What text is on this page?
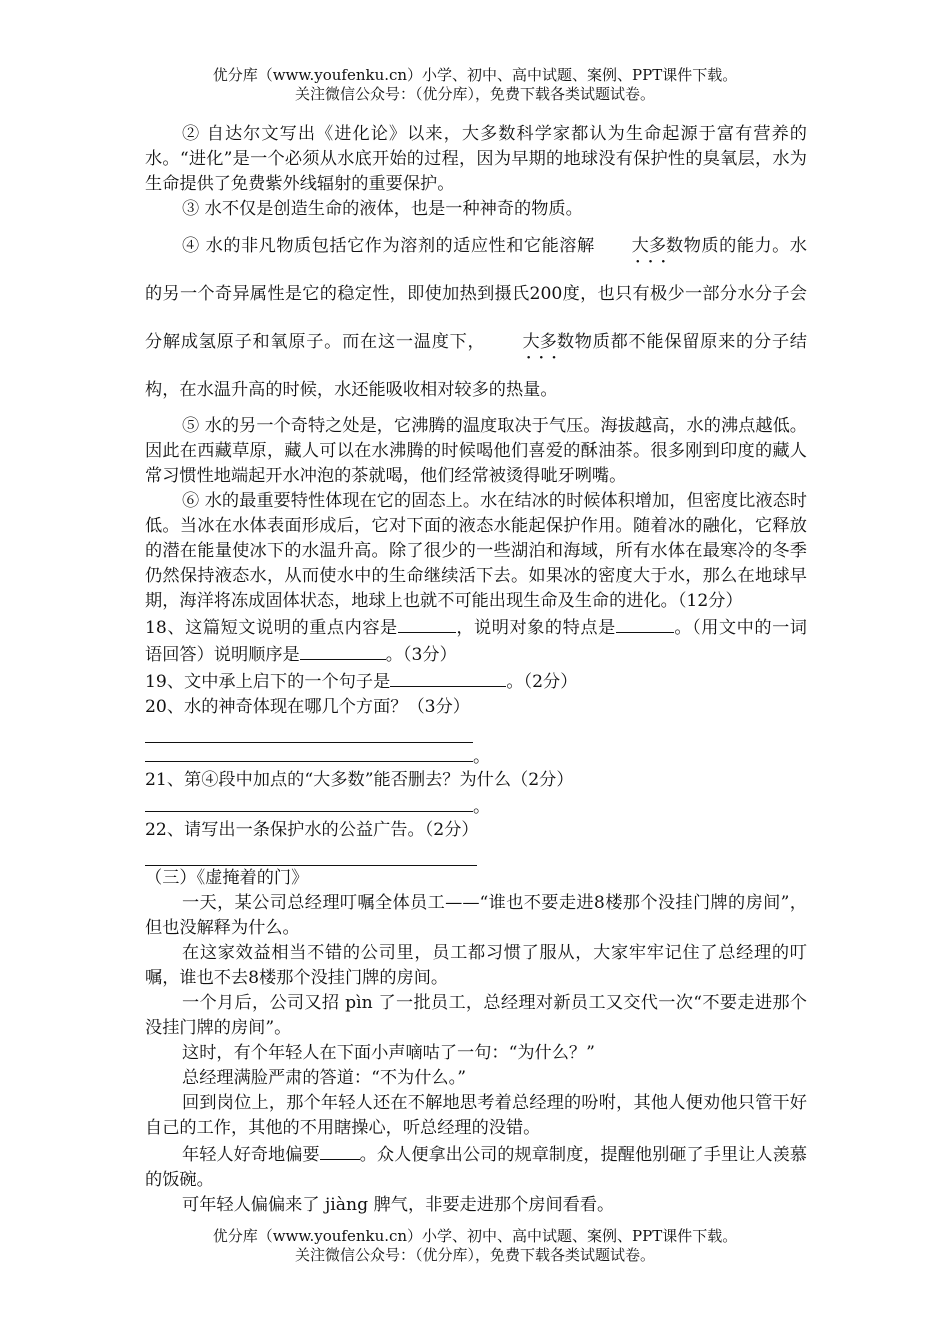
优分库（www.youfenku.cn）小学、初中、高中试题、案例、PPT课件下载。
关注微信公众号：（优分库），免费下载各类试题试卷。

② 自达尔文写出《进化论》以来，大多数科学家都认为生命起源于富有营养的水。“进化”是一个必须从水底开始的过程，因为早期的地球没有保护性的臭氧层，水为生命提供了免费紫外线辐射的重要保护。

③ 水不仅是创造生命的液体，也是一种神奇的物质。

④ 水的非凡物质包括它作为溶剂的适应性和它能溶解 大多数 · · ·物质的能力。水的另一个奇异属性是它的稳定性，即使加热到摄氏200度，也只有极少一部分水分子会分解成氢原子和氧原子。而在这一温度下， 大多数 · · ·物质都不能保留原来的分子结构，在水温升高的时候，水还能吸收相对较多的热量。

⑤ 水的另一个奇特之处是，它沸腾的温度取决于气压。海拔越高，水的沸点越低。因此在西藏草原，藏人可以在水沸腾的时候喝他们喜爱的酥油茶。很多刚到印度的藏人常习惯性地端起开水冲泡的茶就喝，他们经常被烫得呲牙咧嘴。

⑥ 水的最重要特性体现在它的固态上。水在结冰的时候体积增加，但密度比液态时低。当冰在水体表面形成后，它对下面的液态水能起保护作用。随着冰的融化，它释放的潜在能量使冰下的水温升高。除了很少的一些湖泊和海域，所有水体在最寒冷的冬季仍然保持液态水，从而使水中的生命继续活下去。如果冰的密度大于水，那么在地球早期，海洋将冻成固体状态，地球上也就不可能出现生命及生命的进化。（12分）

18、这篇短文说明的重点内容是	，说明对象的特点是	。（用文中的一词语回答）说明顺序是	。（3分）

19、文中承上启下的一个句子是	。（2分）

20、水的神奇体现在哪几个方面？（3分）

。

21、第④段中加点的“大多数”能否删去？为什么（2分）

。

22、请写出一条保护水的公益广告。（2分）

（三）《虚掩着的门》

一天，某公司总经理叮嘱全体员工——“谁也不要走进8楼那个没挂门牌的房间”，但也没解释为什么。

在这家效益相当不错的公司里，员工都习惯了服从，大家牢牢记住了总经理的叮嘱，谁也不去8楼那个没挂门牌的房间。

一个月后，公司又招 pìn 了一批员工，总经理对新员工又交代一次“不要走进那个没挂门牌的房间”。

这时，有个年轻人在下面小声嘀咕了一句：“为什么？”

总经理满脸严肃的答道：“不为什么。”

回到岗位上，那个年轻人还在不解地思考着总经理的吩咐，其他人便劝他只管干好自己的工作，其他的不用瞎操心，听总经理的没错。

年轻人好奇地偏要 。众人便拿出公司的规章制度，提醒他别砸了手里让人羡慕的饭碗。

可年轻人偏偏来了 jiàng 脾气，非要走进那个房间看看。

优分库（www.youfenku.cn）小学、初中、高中试题、案例、PPT课件下载。
关注微信公众号：（优分库），免费下载各类试题试卷。
